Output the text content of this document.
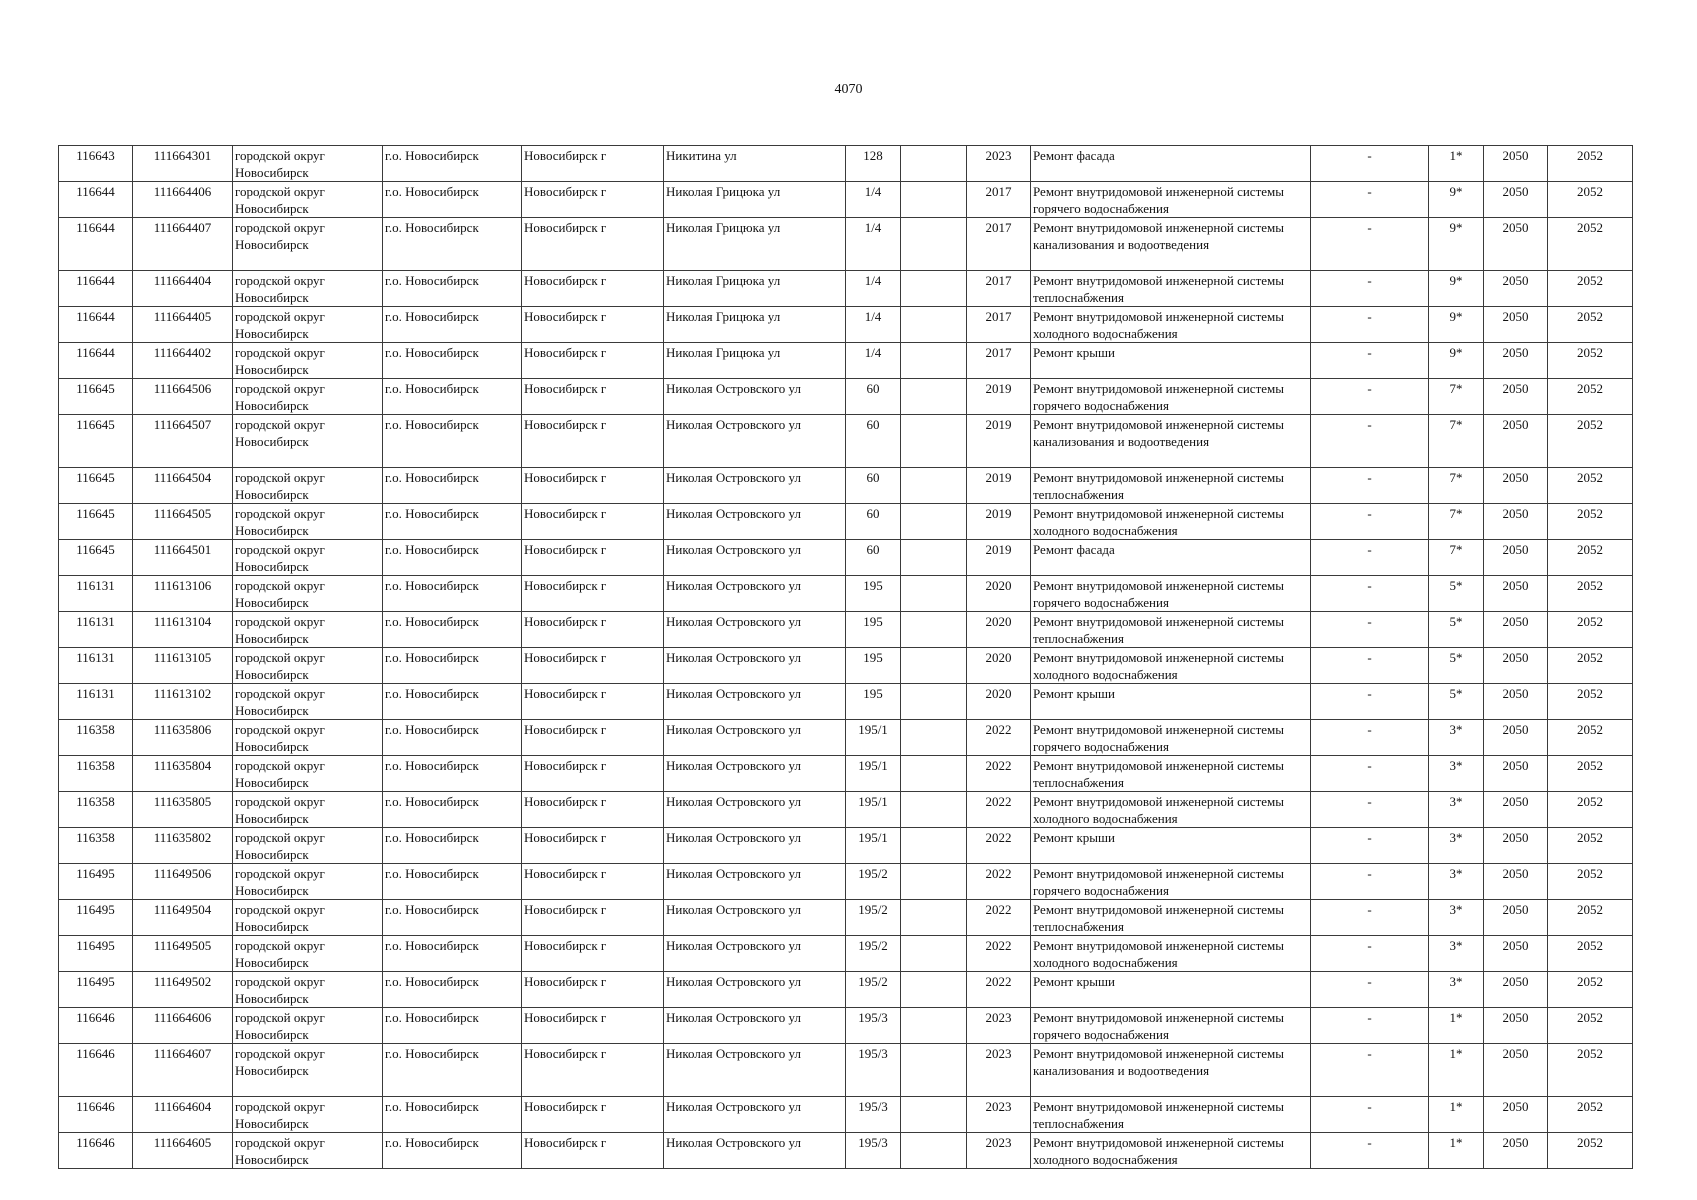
4070
116643	111664301	городской округ Новосибирск	г.о. Новосибирск	Новосибирск г	Никитина ул	128		2023	Ремонт фасада	-	1*	2050	2052
116644	111664406	городской округ Новосибирск	г.о. Новосибирск	Новосибирск г	Николая Грицюка ул	1/4		2017	Ремонт внутридомовой инженерной системы горячего водоснабжения	-	9*	2050	2052
116644	111664407	городской округ Новосибирск	г.о. Новосибирск	Новосибирск г	Николая Грицюка ул	1/4		2017	Ремонт внутридомовой инженерной системы канализования и водоотведения	-	9*	2050	2052
116644	111664404	городской округ Новосибирск	г.о. Новосибирск	Новосибирск г	Николая Грицюка ул	1/4		2017	Ремонт внутридомовой инженерной системы теплоснабжения	-	9*	2050	2052
116644	111664405	городской округ Новосибирск	г.о. Новосибирск	Новосибирск г	Николая Грицюка ул	1/4		2017	Ремонт внутридомовой инженерной системы холодного водоснабжения	-	9*	2050	2052
116644	111664402	городской округ Новосибирск	г.о. Новосибирск	Новосибирск г	Николая Грицюка ул	1/4		2017	Ремонт крыши	-	9*	2050	2052
116645	111664506	городской округ Новосибирск	г.о. Новосибирск	Новосибирск г	Николая Островского ул	60		2019	Ремонт внутридомовой инженерной системы горячего водоснабжения	-	7*	2050	2052
116645	111664507	городской округ Новосибирск	г.о. Новосибирск	Новосибирск г	Николая Островского ул	60		2019	Ремонт внутридомовой инженерной системы канализования и водоотведения	-	7*	2050	2052
116645	111664504	городской округ Новосибирск	г.о. Новосибирск	Новосибирск г	Николая Островского ул	60		2019	Ремонт внутридомовой инженерной системы теплоснабжения	-	7*	2050	2052
116645	111664505	городской округ Новосибирск	г.о. Новосибирск	Новосибирск г	Николая Островского ул	60		2019	Ремонт внутридомовой инженерной системы холодного водоснабжения	-	7*	2050	2052
116645	111664501	городской округ Новосибирск	г.о. Новосибирск	Новосибирск г	Николая Островского ул	60		2019	Ремонт фасада	-	7*	2050	2052
116131	111613106	городской округ Новосибирск	г.о. Новосибирск	Новосибирск г	Николая Островского ул	195		2020	Ремонт внутридомовой инженерной системы горячего водоснабжения	-	5*	2050	2052
116131	111613104	городской округ Новосибирск	г.о. Новосибирск	Новосибирск г	Николая Островского ул	195		2020	Ремонт внутридомовой инженерной системы теплоснабжения	-	5*	2050	2052
116131	111613105	городской округ Новосибирск	г.о. Новосибирск	Новосибирск г	Николая Островского ул	195		2020	Ремонт внутридомовой инженерной системы холодного водоснабжения	-	5*	2050	2052
116131	111613102	городской округ Новосибирск	г.о. Новосибирск	Новосибирск г	Николая Островского ул	195		2020	Ремонт крыши	-	5*	2050	2052
116358	111635806	городской округ Новосибирск	г.о. Новосибирск	Новосибирск г	Николая Островского ул	195/1		2022	Ремонт внутридомовой инженерной системы горячего водоснабжения	-	3*	2050	2052
116358	111635804	городской округ Новосибирск	г.о. Новосибирск	Новосибирск г	Николая Островского ул	195/1		2022	Ремонт внутридомовой инженерной системы теплоснабжения	-	3*	2050	2052
116358	111635805	городской округ Новосибирск	г.о. Новосибирск	Новосибирск г	Николая Островского ул	195/1		2022	Ремонт внутридомовой инженерной системы холодного водоснабжения	-	3*	2050	2052
116358	111635802	городской округ Новосибирск	г.о. Новосибирск	Новосибирск г	Николая Островского ул	195/1		2022	Ремонт крыши	-	3*	2050	2052
116495	111649506	городской округ Новосибирск	г.о. Новосибирск	Новосибирск г	Николая Островского ул	195/2		2022	Ремонт внутридомовой инженерной системы горячего водоснабжения	-	3*	2050	2052
116495	111649504	городской округ Новосибирск	г.о. Новосибирск	Новосибирск г	Николая Островского ул	195/2		2022	Ремонт внутридомовой инженерной системы теплоснабжения	-	3*	2050	2052
116495	111649505	городской округ Новосибирск	г.о. Новосибирск	Новосибирск г	Николая Островского ул	195/2		2022	Ремонт внутридомовой инженерной системы холодного водоснабжения	-	3*	2050	2052
116495	111649502	городской округ Новосибирск	г.о. Новосибирск	Новосибирск г	Николая Островского ул	195/2		2022	Ремонт крыши	-	3*	2050	2052
116646	111664606	городской округ Новосибирск	г.о. Новосибирск	Новосибирск г	Николая Островского ул	195/3		2023	Ремонт внутридомовой инженерной системы горячего водоснабжения	-	1*	2050	2052
116646	111664607	городской округ Новосибирск	г.о. Новосибирск	Новосибирск г	Николая Островского ул	195/3		2023	Ремонт внутридомовой инженерной системы канализования и водоотведения	-	1*	2050	2052
116646	111664604	городской округ Новосибирск	г.о. Новосибирск	Новосибирск г	Николая Островского ул	195/3		2023	Ремонт внутридомовой инженерной системы теплоснабжения	-	1*	2050	2052
116646	111664605	городской округ Новосибирск	г.о. Новосибирск	Новосибирск г	Николая Островского ул	195/3		2023	Ремонт внутридомовой инженерной системы холодного водоснабжения	-	1*	2050	2052
